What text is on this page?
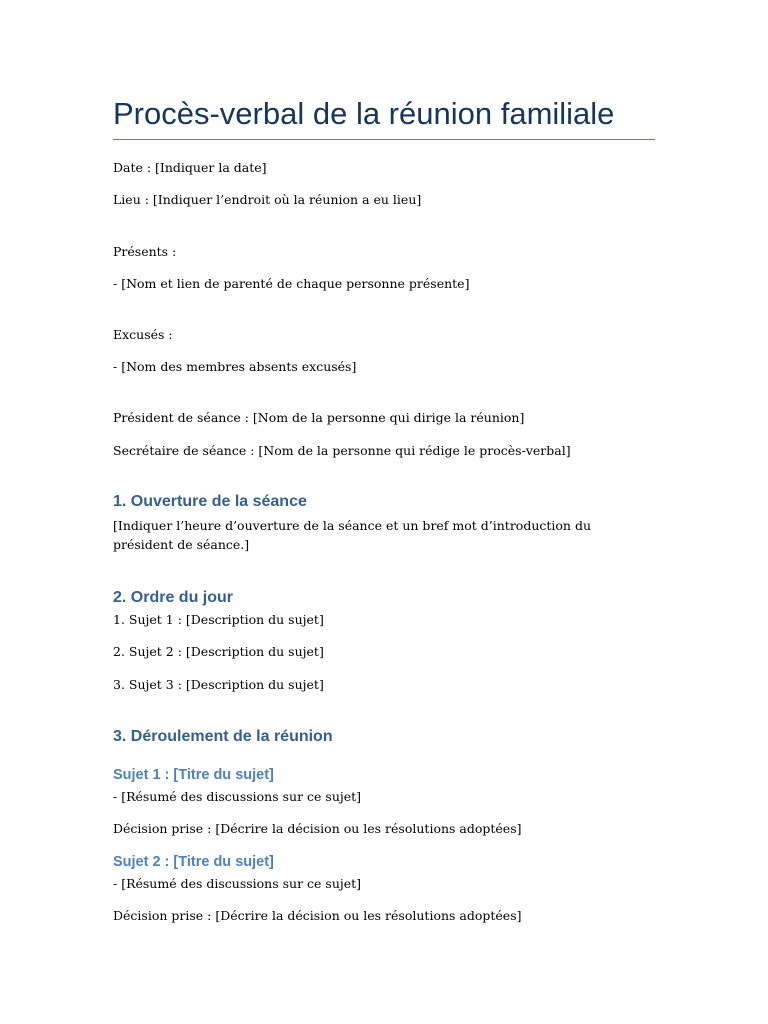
Procès-verbal de la réunion familiale
Date : [Indiquer la date]
Lieu : [Indiquer l’endroit où la réunion a eu lieu]
Présents :
- [Nom et lien de parenté de chaque personne présente]
Excusés :
- [Nom des membres absents excusés]
Président de séance : [Nom de la personne qui dirige la réunion]
Secrétaire de séance : [Nom de la personne qui rédige le procès-verbal]
1. Ouverture de la séance
[Indiquer l’heure d’ouverture de la séance et un bref mot d’introduction du président de séance.]
2. Ordre du jour
1. Sujet 1 : [Description du sujet]
2. Sujet 2 : [Description du sujet]
3. Sujet 3 : [Description du sujet]
3. Déroulement de la réunion
Sujet 1 : [Titre du sujet]
- [Résumé des discussions sur ce sujet]
Décision prise : [Décrire la décision ou les résolutions adoptées]
Sujet 2 : [Titre du sujet]
- [Résumé des discussions sur ce sujet]
Décision prise : [Décrire la décision ou les résolutions adoptées]
